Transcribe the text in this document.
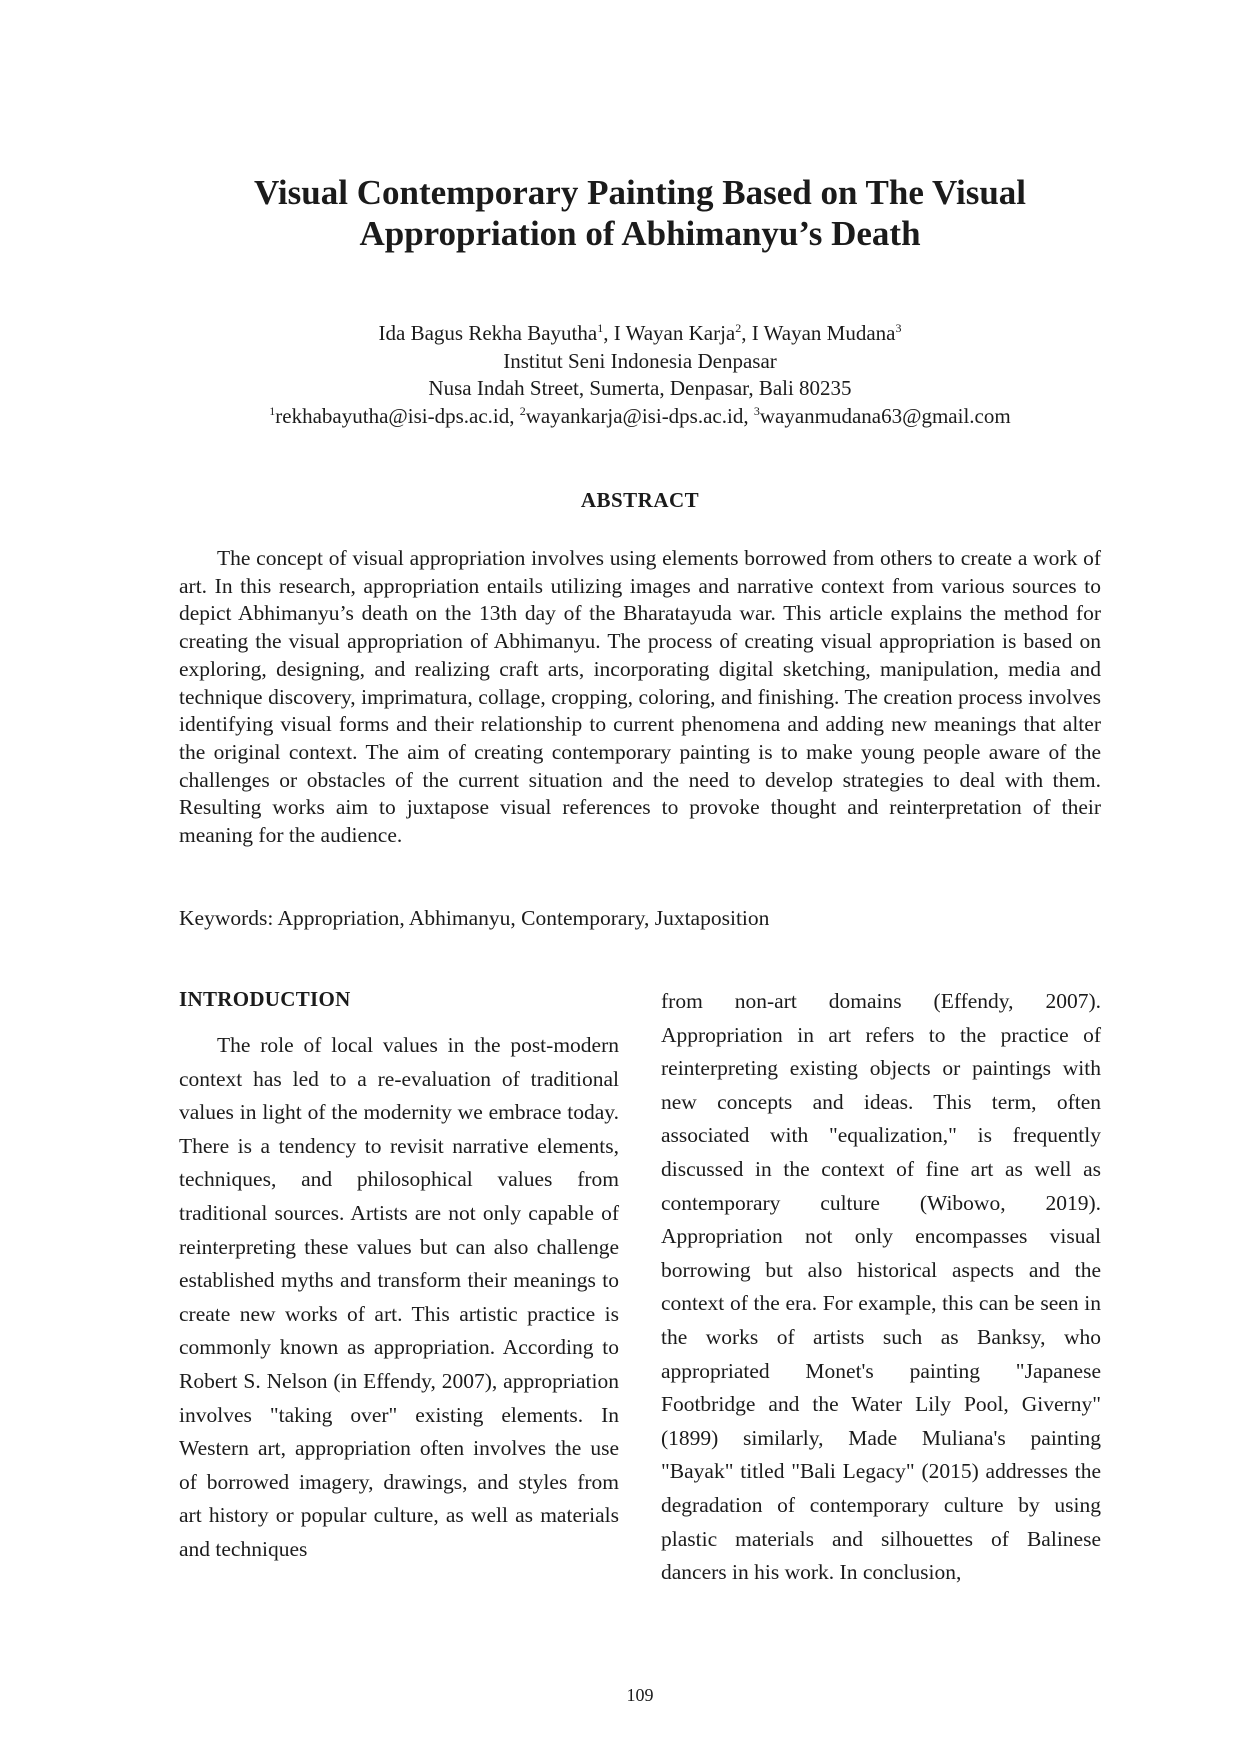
Visual Contemporary Painting Based on The Visual
Appropriation of Abhimanyu’s Death
Ida Bagus Rekha Bayutha$^1$, I Wayan Karja$^2$, I Wayan Mudana$^3$
Institut Seni Indonesia Denpasar
Nusa Indah Street, Sumerta, Denpasar, Bali 80235
$^1$rekhabayutha@isi-dps.ac.id, $^2$wayankarja@isi-dps.ac.id, $^3$wayanmudana63@gmail.com
ABSTRACT

The concept of visual appropriation involves using elements borrowed from others to create a work of art. In this research, appropriation entails utilizing images and narrative context from various sources to depict Abhimanyu’s death on the 13th day of the Bharatayuda war. This article explains the method for creating the visual appropriation of Abhimanyu. The process of creating visual appropriation is based on exploring, designing, and realizing craft arts, incorporating digital sketching, manipulation, media and technique discovery, imprimatura, collage, cropping, coloring, and finishing. The creation process involves identifying visual forms and their relationship to current phenomena and adding new meanings that alter the original context. The aim of creating contemporary painting is to make young people aware of the challenges or obstacles of the current situation and the need to develop strategies to deal with them. Resulting works aim to juxtapose visual references to provoke thought and reinterpretation of their meaning for the audience.

Keywords: Appropriation, Abhimanyu, Contemporary, Juxtaposition

INTRODUCTION

The role of local values in the post-modern context has led to a re-evaluation of traditional values in light of the modernity we embrace today. There is a tendency to revisit narrative elements, techniques, and philosophical values from traditional sources. Artists are not only capable of reinterpreting these values but can also challenge established myths and transform their meanings to create new works of art. This artistic practice is commonly known as appropriation. According to Robert S. Nelson (in Effendy, 2007), appropriation involves "taking over" existing elements. In Western art, appropriation often involves the use of borrowed imagery, drawings, and styles from art history or popular culture, as well as materials and techniques

from non-art domains (Effendy, 2007). Appropriation in art refers to the practice of reinterpreting existing objects or paintings with new concepts and ideas. This term, often associated with "equalization," is frequently discussed in the context of fine art as well as contemporary culture (Wibowo, 2019). Appropriation not only encompasses visual borrowing but also historical aspects and the context of the era. For example, this can be seen in the works of artists such as Banksy, who appropriated Monet's painting "Japanese Footbridge and the Water Lily Pool, Giverny" (1899) similarly, Made Muliana's painting "Bayak" titled "Bali Legacy" (2015) addresses the degradation of contemporary culture by using plastic materials and silhouettes of Balinese dancers in his work. In conclusion,

109
